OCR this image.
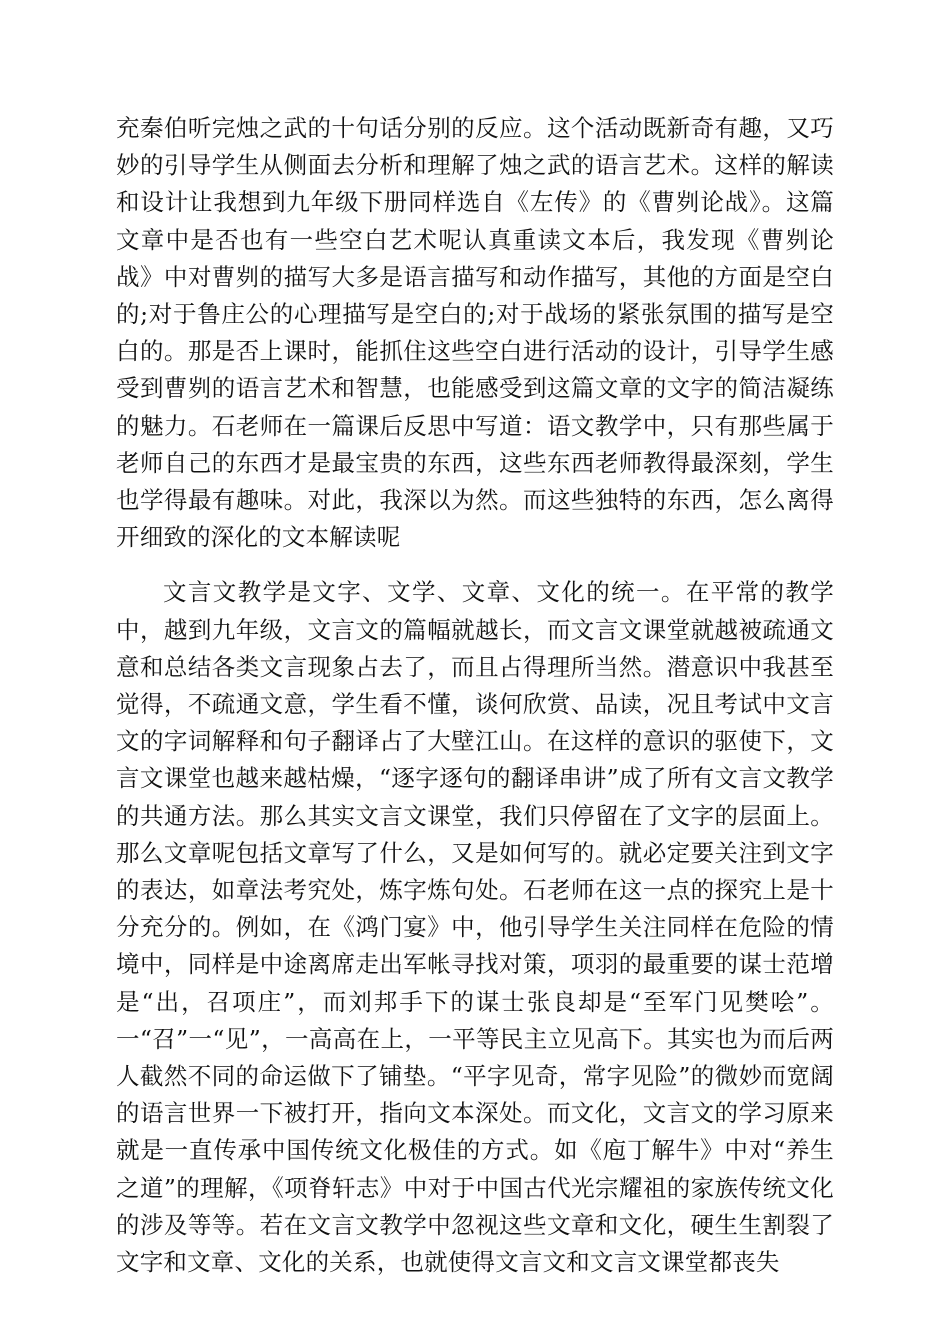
充秦伯听完烛之武的十句话分别的反应。这个活动既新奇有趣，又巧妙的引导学生从侧面去分析和理解了烛之武的语言艺术。这样的解读和设计让我想到九年级下册同样选自《左传》的《曹刿论战》。这篇文章中是否也有一些空白艺术呢认真重读文本后，我发现《曹刿论战》中对曹刿的描写大多是语言描写和动作描写，其他的方面是空白的;对于鲁庄公的心理描写是空白的;对于战场的紧张氛围的描写是空白的。那是否上课时，能抓住这些空白进行活动的设计，引导学生感受到曹刿的语言艺术和智慧，也能感受到这篇文章的文字的简洁凝练的魅力。石老师在一篇课后反思中写道：语文教学中，只有那些属于老师自己的东西才是最宝贵的东西，这些东西老师教得最深刻，学生也学得最有趣味。对此，我深以为然。而这些独特的东西，怎么离得开细致的深化的文本解读呢

文言文教学是文字、文学、文章、文化的统一。在平常的教学中，越到九年级，文言文的篇幅就越长，而文言文课堂就越被疏通文意和总结各类文言现象占去了，而且占得理所当然。潜意识中我甚至觉得，不疏通文意，学生看不懂，谈何欣赏、品读，况且考试中文言文的字词解释和句子翻译占了大壁江山。在这样的意识的驱使下，文言文课堂也越来越枯燥，“逐字逐句的翻译串讲”成了所有文言文教学的共通方法。那么其实文言文课堂，我们只停留在了文字的层面上。那么文章呢包括文章写了什么，又是如何写的。就必定要关注到文字的表达，如章法考究处，炼字炼句处。石老师在这一点的探究上是十分充分的。例如，在《鸿门宴》中，他引导学生关注同样在危险的情境中，同样是中途离席走出军帐寻找对策，项羽的最重要的谋士范增是“出，召项庄”，而刘邦手下的谋士张良却是“至军门见樊哙”。一“召”一“见”，一高高在上，一平等民主立见高下。其实也为而后两人截然不同的命运做下了铺垫。“平字见奇，常字见险”的微妙而宽阔的语言世界一下被打开，指向文本深处。而文化，文言文的学习原来就是一直传承中国传统文化极佳的方式。如《庖丁解牛》中对“养生之道”的理解，《项脊轩志》中对于中国古代光宗耀祖的家族传统文化的涉及等等。若在文言文教学中忽视这些文章和文化，硬生生割裂了文字和文章、文化的关系，也就使得文言文和文言文课堂都丧失
